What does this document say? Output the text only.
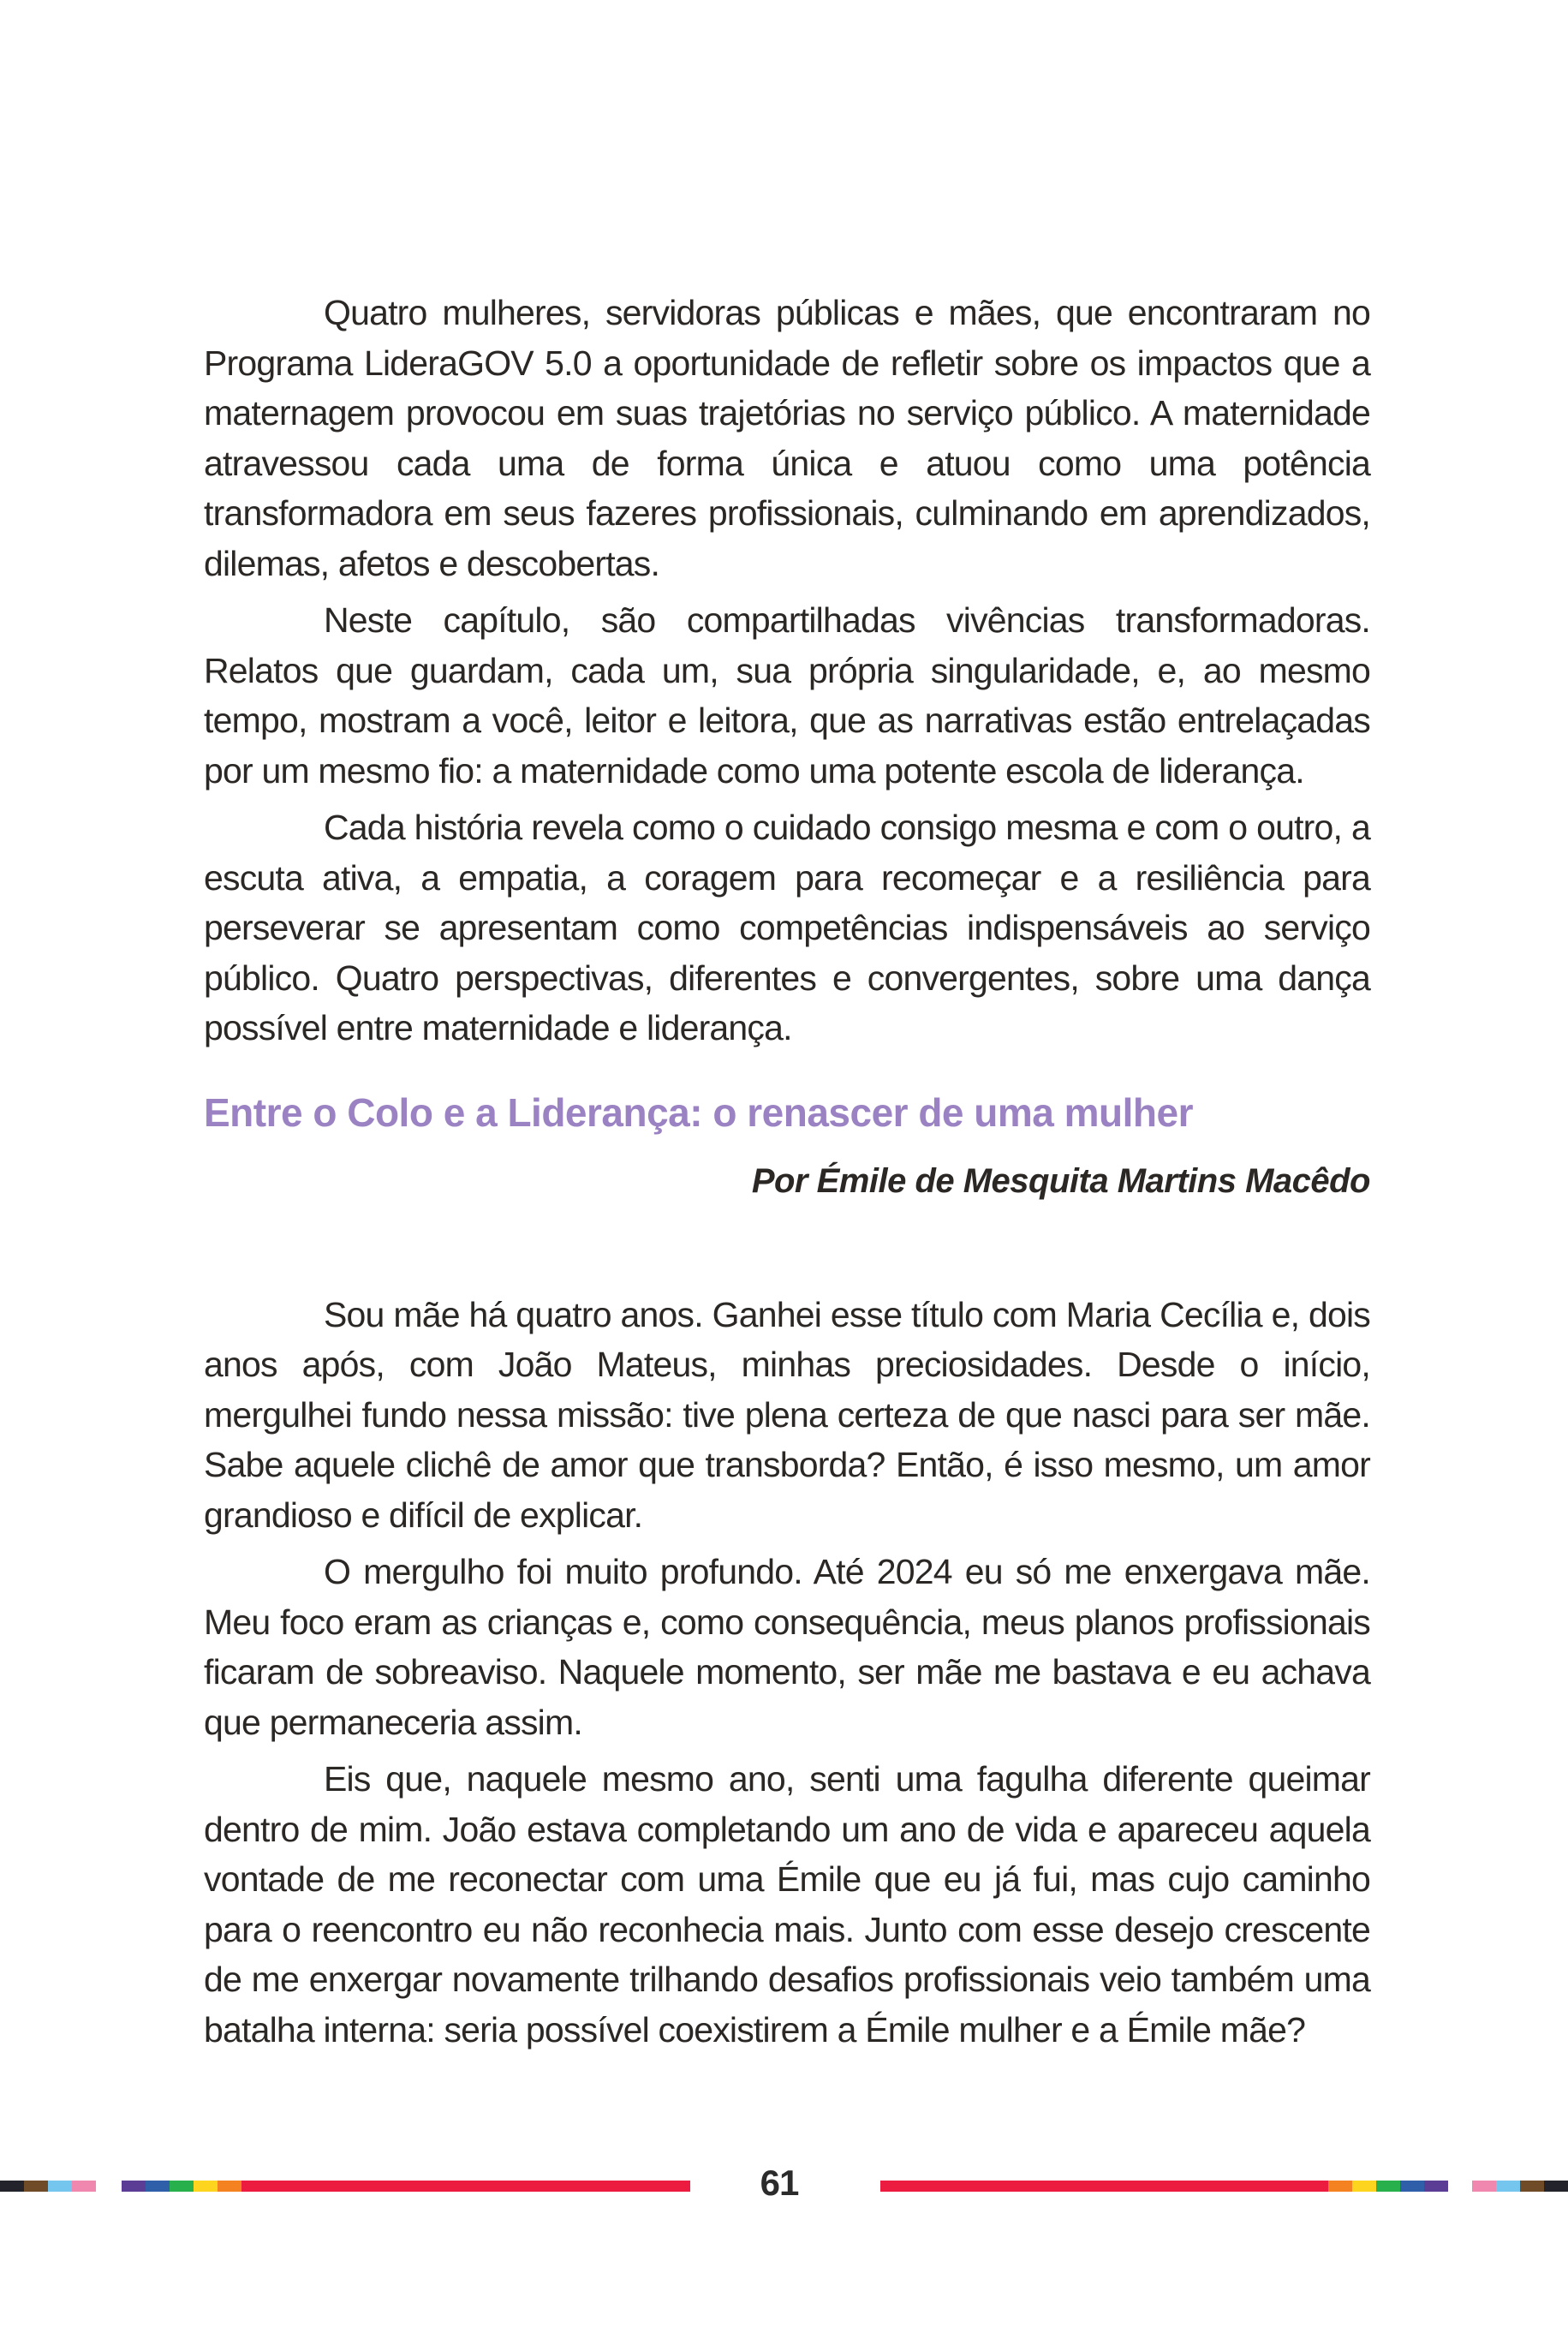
Quatro mulheres, servidoras públicas e mães, que encontraram no Programa LideraGOV 5.0 a oportunidade de refletir sobre os impactos que a maternagem provocou em suas trajetórias no serviço público. A maternidade atravessou cada uma de forma única e atuou como uma potência transformadora em seus fazeres profissionais, culminando em aprendizados, dilemas, afetos e descobertas.

Neste capítulo, são compartilhadas vivências transformadoras. Relatos que guardam, cada um, sua própria singularidade, e, ao mesmo tempo, mostram a você, leitor e leitora, que as narrativas estão entrelaçadas por um mesmo fio: a maternidade como uma potente escola de liderança.

Cada história revela como o cuidado consigo mesma e com o outro, a escuta ativa, a empatia, a coragem para recomeçar e a resiliência para perseverar se apresentam como competências indispensáveis ao serviço público. Quatro perspectivas, diferentes e convergentes, sobre uma dança possível entre maternidade e liderança.

Entre o Colo e a Liderança: o renascer de uma mulher

Por Émile de Mesquita Martins Macêdo

Sou mãe há quatro anos. Ganhei esse título com Maria Cecília e, dois anos após, com João Mateus, minhas preciosidades. Desde o início, mergulhei fundo nessa missão: tive plena certeza de que nasci para ser mãe. Sabe aquele clichê de amor que transborda? Então, é isso mesmo, um amor grandioso e difícil de explicar.

O mergulho foi muito profundo. Até 2024 eu só me enxergava mãe. Meu foco eram as crianças e, como consequência, meus planos profissionais ficaram de sobreaviso. Naquele momento, ser mãe me bastava e eu achava que permaneceria assim.

Eis que, naquele mesmo ano, senti uma fagulha diferente queimar dentro de mim. João estava completando um ano de vida e apareceu aquela vontade de me reconectar com uma Émile que eu já fui, mas cujo caminho para o reencontro eu não reconhecia mais. Junto com esse desejo crescente de me enxergar novamente trilhando desafios profissionais veio também uma batalha interna: seria possível coexistirem a Émile mulher e a Émile mãe?

61
